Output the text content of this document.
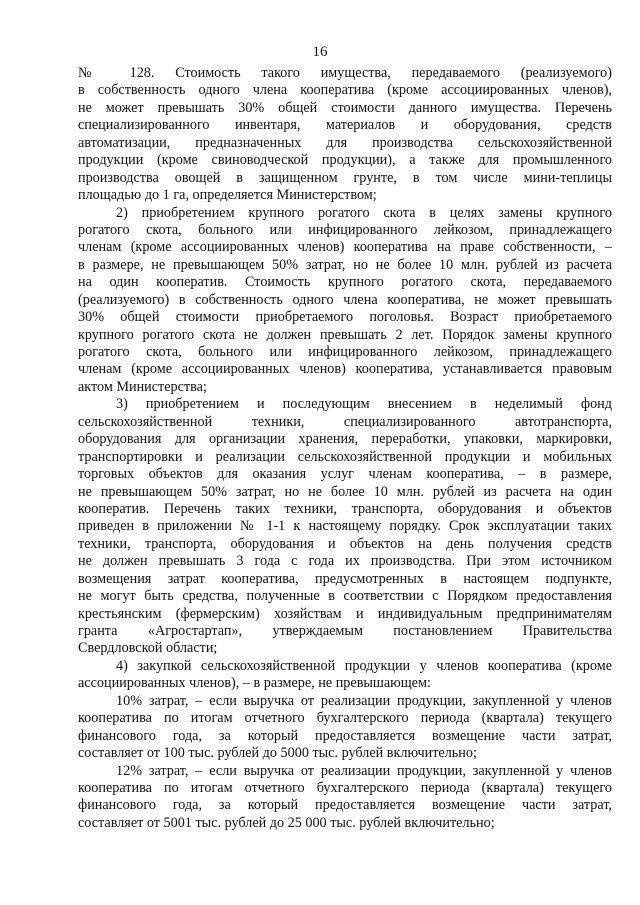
16
№ 128. Стоимость такого имущества, передаваемого (реализуемого)
в собственность одного члена кооператива (кроме ассоциированных членов),
не может превышать 30% общей стоимости данного имущества. Перечень
специализированного инвентаря, материалов и оборудования, средств
автоматизации, предназначенных для производства сельскохозяйственной
продукции (кроме свиноводческой продукции), а также для промышленного
производства овощей в защищенном грунте, в том числе мини-теплицы
площадью до 1 га, определяется Министерством;
2) приобретением крупного рогатого скота в целях замены крупного
рогатого скота, больного или инфицированного лейкозом, принадлежащего
членам (кроме ассоциированных членов) кооператива на праве собственности, –
в размере, не превышающем 50% затрат, но не более 10 млн. рублей из расчета
на один кооператив. Стоимость крупного рогатого скота, передаваемого
(реализуемого) в собственность одного члена кооператива, не может превышать
30% общей стоимости приобретаемого поголовья. Возраст приобретаемого
крупного рогатого скота не должен превышать 2 лет. Порядок замены крупного
рогатого скота, больного или инфицированного лейкозом, принадлежащего
членам (кроме ассоциированных членов) кооператива, устанавливается правовым
актом Министерства;
3) приобретением и последующим внесением в неделимый фонд
сельскохозяйственной техники, специализированного автотранспорта,
оборудования для организации хранения, переработки, упаковки, маркировки,
транспортировки и реализации сельскохозяйственной продукции и мобильных
торговых объектов для оказания услуг членам кооператива, – в размере,
не превышающем 50% затрат, но не более 10 млн. рублей из расчета на один
кооператив. Перечень таких техники, транспорта, оборудования и объектов
приведен в приложении № 1-1 к настоящему порядку. Срок эксплуатации таких
техники, транспорта, оборудования и объектов на день получения средств
не должен превышать 3 года с года их производства. При этом источником
возмещения затрат кооператива, предусмотренных в настоящем подпункте,
не могут быть средства, полученные в соответствии с Порядком предоставления
крестьянским (фермерским) хозяйствам и индивидуальным предпринимателям
гранта «Агростартап», утверждаемым постановлением Правительства
Свердловской области;
4) закупкой сельскохозяйственной продукции у членов кооператива (кроме
ассоциированных членов), – в размере, не превышающем:
10% затрат, – если выручка от реализации продукции, закупленной у членов
кооператива по итогам отчетного бухгалтерского периода (квартала) текущего
финансового года, за который предоставляется возмещение части затрат,
составляет от 100 тыс. рублей до 5000 тыс. рублей включительно;
12% затрат, – если выручка от реализации продукции, закупленной у членов
кооператива по итогам отчетного бухгалтерского периода (квартала) текущего
финансового года, за который предоставляется возмещение части затрат,
составляет от 5001 тыс. рублей до 25 000 тыс. рублей включительно;
